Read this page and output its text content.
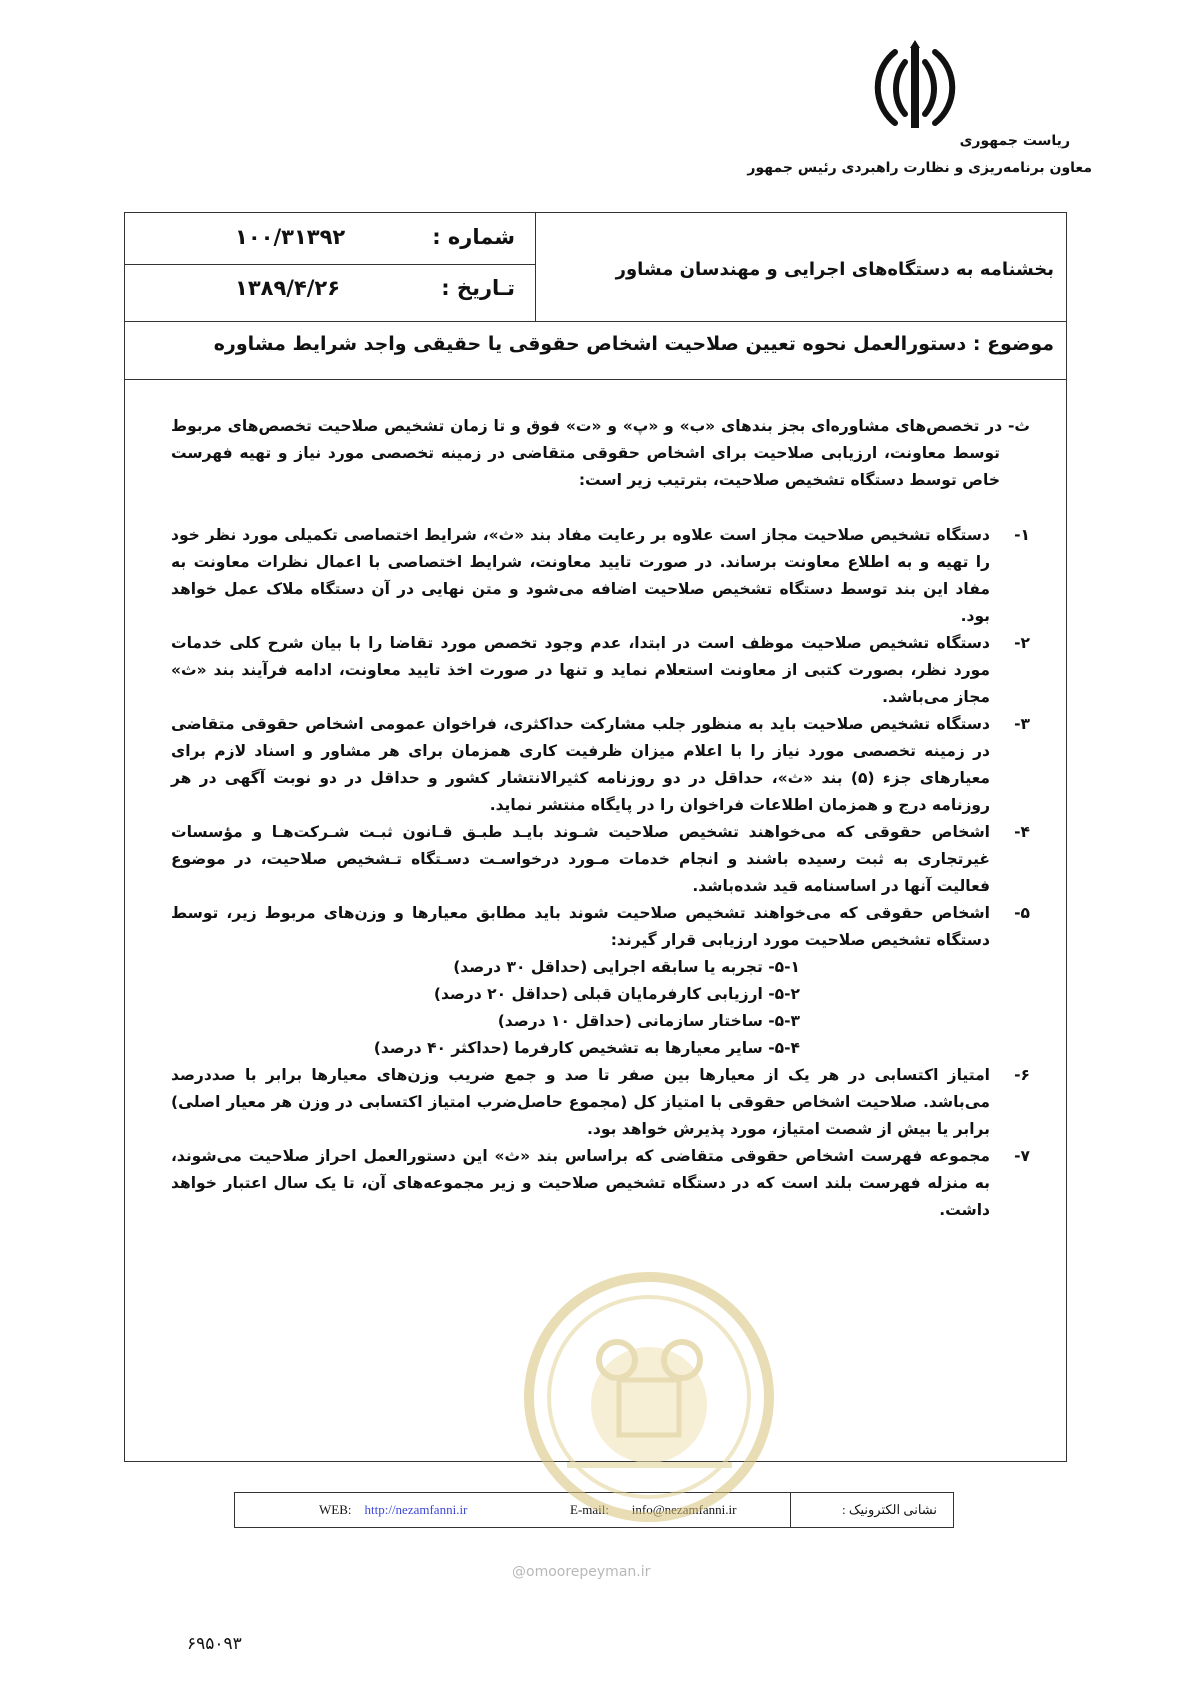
ریاست جمهوری
معاون برنامه‌ریزی و نظارت راهبردی رئیس جمهور
شماره :
۱۰۰/۳۱۳۹۲
تـاریخ :
۱۳۸۹/۴/۲۶
بخشنامه به دستگاه‌های اجرایی و مهندسان مشاور
موضوع : دستورالعمل نحوه تعیین صلاحیت اشخاص حقوقی یا حقیقی واجد شرایط مشاوره

ث- در تخصص‌های مشاوره‌ای بجز بندهای «ب» و «پ» و «ت» فوق و تا زمان تشخیص صلاحیت تخصص‌های مربوط توسط معاونت، ارزیابی صلاحیت برای اشخاص حقوقی متقاضی در زمینه تخصصی مورد نیاز و تهیه فهرست خاص توسط دستگاه تشخیص صلاحیت، بترتیب زیر است:

۱-
دستگاه تشخیص صلاحیت مجاز است علاوه بر رعایت مفاد بند «ث»، شرایط اختصاصی تکمیلی مورد نظر خود را تهیه و به اطلاع معاونت برساند. در صورت تایید معاونت، شرایط اختصاصی با اعمال نظرات معاونت به مفاد این بند توسط دستگاه تشخیص صلاحیت اضافه می‌شود و متن نهایی در آن دستگاه ملاک عمل خواهد بود.
۲-
دستگاه تشخیص صلاحیت موظف است در ابتدا، عدم وجود تخصص مورد تقاضا را با بیان شرح کلی خدمات مورد نظر، بصورت کتبی از معاونت استعلام نماید و تنها در صورت اخذ تایید معاونت، ادامه فرآیند بند «ث» مجاز می‌باشد.
۳-
دستگاه تشخیص صلاحیت باید به منظور جلب مشارکت حداکثری، فراخوان عمومی اشخاص حقوقی متقاضی در زمینه تخصصی مورد نیاز را با اعلام میزان ظرفیت کاری همزمان برای هر مشاور و اسناد لازم برای معیارهای جزء (۵) بند «ث»، حداقل در دو روزنامه کثیرالانتشار کشور و حداقل در دو نوبت آگهی در هر روزنامه درج و همزمان اطلاعات فراخوان را در پایگاه منتشر نماید.
۴-
اشخاص حقوقی که می‌خواهند تشخیص صلاحیت شـوند بایـد طبـق قـانون ثبـت شـرکت‌هـا و مؤسسات غیرتجاری به ثبت رسیده باشند و انجام خدمات مـورد درخواسـت دسـتگاه تـشخیص صلاحیت، در موضوع فعالیت آنها در اساسنامه قید شده‌باشد.
۵-
اشخاص حقوقی که می‌خواهند تشخیص صلاحیت شوند باید مطابق معیارها و وزن‌های مربوط زیر، توسط دستگاه تشخیص صلاحیت مورد ارزیابی قرار گیرند:

۵-۱- تجربه یا سابقه اجرایی (حداقل ۳۰ درصد)

۵-۲- ارزیابی کارفرمایان قبلی (حداقل ۲۰ درصد)

۵-۳- ساختار سازمانی (حداقل ۱۰ درصد)

۵-۴- سایر معیارها به تشخیص کارفرما (حداکثر ۴۰ درصد)

۶-
امتیاز اکتسابی در هر یک از معیارها بین صفر تا صد و جمع ضریب وزن‌های معیارها برابر با صددرصد می‌باشد. صلاحیت اشخاص حقوقی با امتیاز کل (مجموع حاصل‌ضرب امتیاز اکتسابی در وزن هر معیار اصلی) برابر یا بیش از شصت امتیاز، مورد پذیرش خواهد بود.
۷-
مجموعه فهرست اشخاص حقوقی متقاضی که براساس بند «ث» این دستورالعمل احراز صلاحیت می‌شوند، به منزله فهرست بلند است که در دستگاه تشخیص صلاحیت و زیر مجموعه‌های آن، تا یک سال اعتبار خواهد داشت.
WEB: http://nezamfanni.ir	E-mail: info@nezamfanni.ir	نشانی الکترونیک :
@omoorepeyman.ir
۶۹۵۰۹۳
